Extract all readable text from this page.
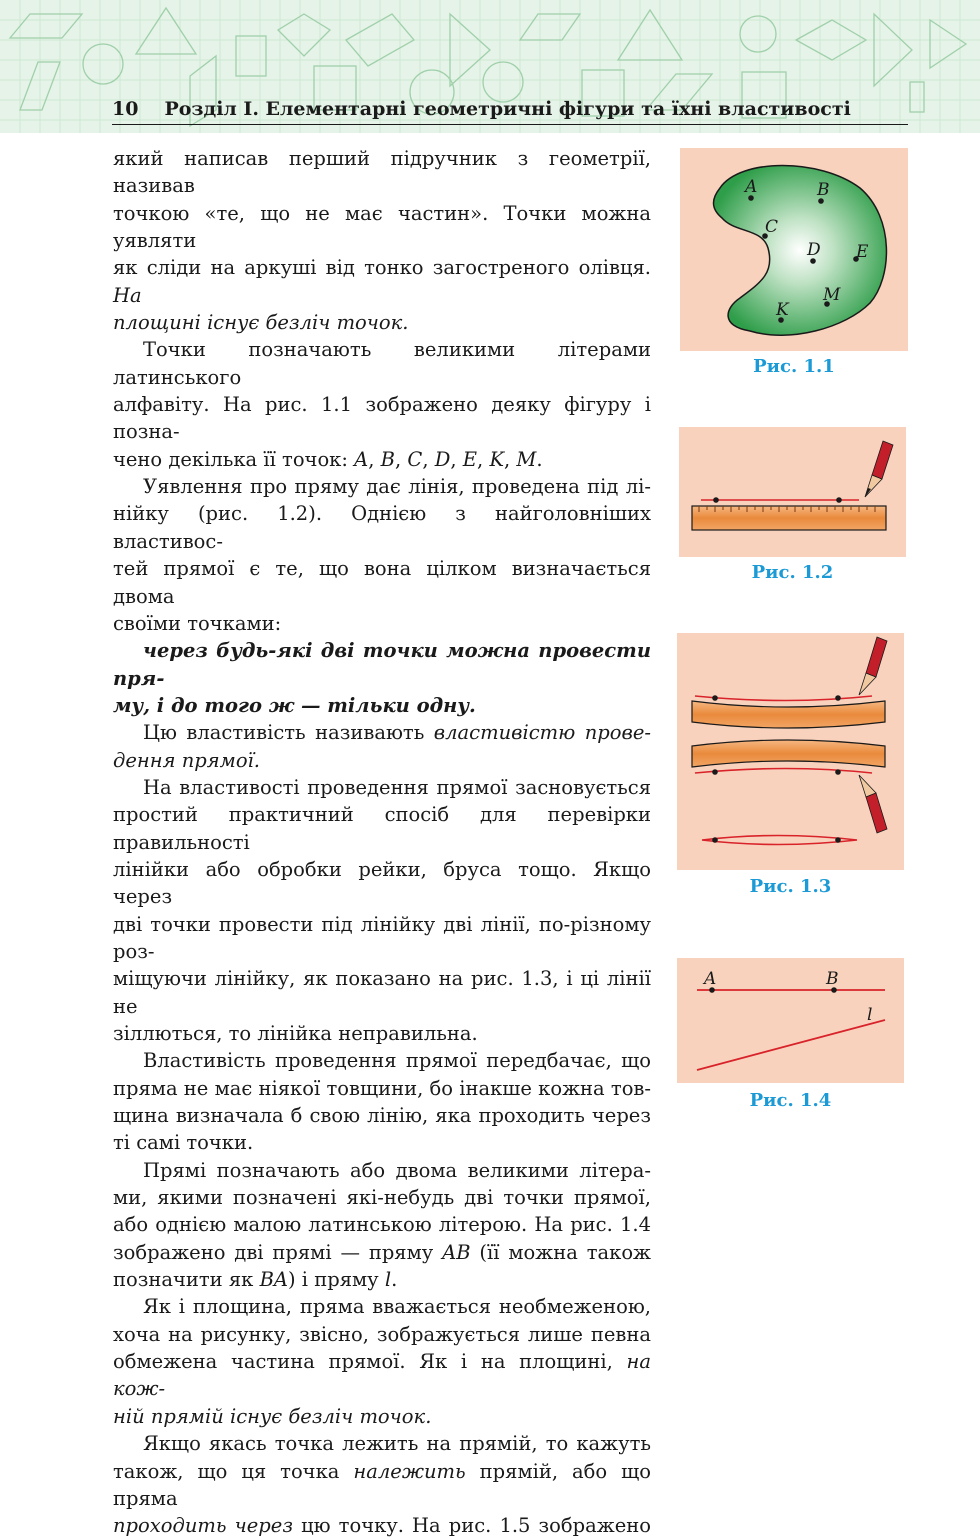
10 Розділ І. Елементарні геометричні фігури та їхні властивості

який написав перший підручник з геометрії, називав

точкою «те, що не має частин». Точки можна уявляти

як сліди на аркуші від тонко загостреного олівця. На

площині існує безліч точок.

Точки позначають великими літерами латинського

алфавіту. На рис. 1.1 зображено деяку фігуру і позна-

чено декілька її точок: A, B, C, D, E, K, M.

Уявлення про пряму дає лінія, проведена під лі-

нійку (рис. 1.2). Однією з найголовніших властивос-

тей прямої є те, що вона цілком визначається двома

своїми точками:

через будь-які дві точки можна провести пря-

му, і до того ж — тільки одну.

Цю властивість називають властивістю прове-

дення прямої.

На властивості проведення прямої засновується

простий практичний спосіб для перевірки правильності

лінійки або обробки рейки, бруса тощо. Якщо через

дві точки провести під лінійку дві лінії, по-різному роз-

міщуючи лінійку, як показано на рис. 1.3, і ці лінії не

зіллються, то лінійка неправильна.

Властивість проведення прямої передбачає, що

пряма не має ніякої товщини, бо інакше кожна тов-

щина визначала б свою лінію, яка проходить через

ті самі точки.

Прямі позначають або двома великими літера-

ми, якими позначені які-небудь дві точки прямої,

або однією малою латинською літерою. На рис. 1.4

зображено дві прямі — пряму AB (її можна також

позначити як BA) і пряму l.

Як і площина, пряма вважається необмеженою,

хоча на рисунку, звісно, зображується лише певна

обмежена частина прямої. Як і на площині, на кож-

ній прямій існує безліч точок.

Якщо якась точка лежить на прямій, то кажуть

також, що ця точка належить прямій, або що пряма

проходить через цю точку. На рис. 1.5 зображено

A	B
C
D E
K
M
Рис. 1.1
Рис. 1.2
Рис. 1.3
A	B
l
Рис. 1.4
